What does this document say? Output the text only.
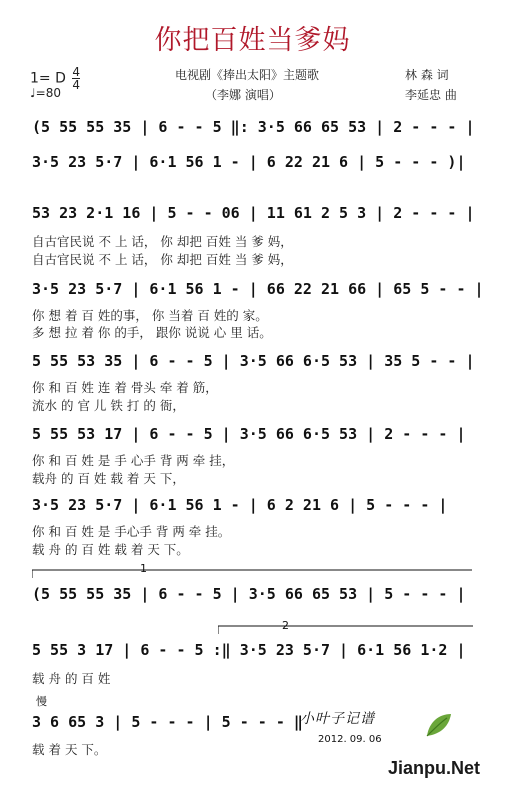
你把百姓当爹妈
1= D $\frac{4}{4}$
♩=80
电视剧《捧出太阳》主题歌
（李娜 演唱）
林 森 词
李延忠 曲
(5 55 55 35 | 6 - - 5 ‖: 3·5 66 65 53 | 2 - - - |
3·5 23 5·7 | 6·1 56 1 - | 6 22 21 6 | 5 - - - )|
53 23 2·1 16 | 5 - - 06 | 11 61 2 5 3 | 2 - - - |
自古官民说 不 上 话， 你 却把 百姓 当 爹 妈，
自古官民说 不 上 话， 你 却把 百姓 当 爹 妈，
3·5 23 5·7 | 6·1 56 1 - | 66 22 21 66 | 65 5 - - |
你 想 着 百 姓的事， 你 当着 百 姓的 家。
多 想 拉 着 你 的手， 跟你 说说 心 里 话。
5 55 53 35 | 6 - - 5 | 3·5 66 6·5 53 | 35 5 - - |
你 和 百 姓 连 着 骨头 牵 着 筋，
流水 的 官 儿 铁 打 的 衙，
5 55 53 17 | 6 - - 5 | 3·5 66 6·5 53 | 2 - - - |
你 和 百 姓 是 手 心手 背 两 牵 挂，
载舟 的 百 姓 载 着 天 下，
3·5 23 5·7 | 6·1 56 1 - | 6 2 21 6 | 5 - - - |
你 和 百 姓 是 手心手 背 两 牵 挂。
载 舟 的 百 姓 载 着 天 下。
1
(5 55 55 35 | 6 - - 5 | 3·5 66 65 53 | 5 - - - |
2
5 55 3 17 | 6 - - 5 :‖ 3·5 23 5·7 | 6·1 56 1·2 |
载 舟 的 百 姓
慢
3 6 65 3 | 5 - - - | 5 - - - ‖
载 着 天 下。
小叶子记谱
2012. 09. 06
Jianpu.Net
